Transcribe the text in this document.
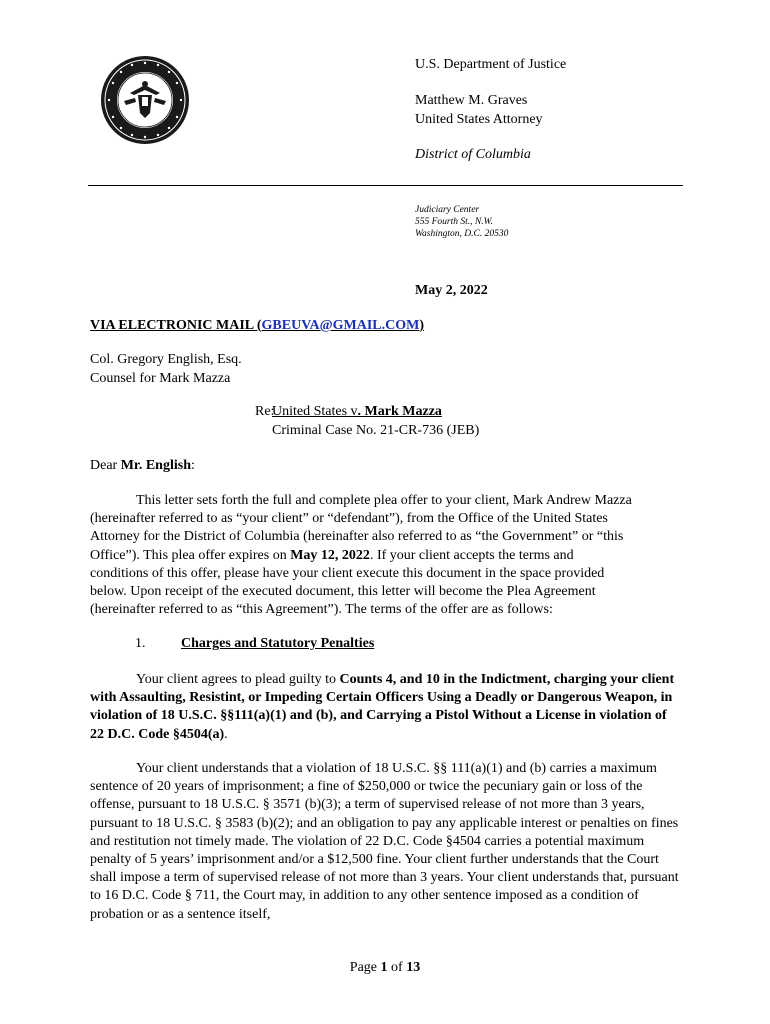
U.S. Department of Justice
Matthew M. Graves
United States Attorney
District of Columbia
Judiciary Center
555 Fourth St., N.W.
Washington, D.C. 20530
May 2, 2022
VIA ELECTRONIC MAIL (GBEUVA@GMAIL.COM)
Col. Gregory English, Esq.
Counsel for Mark Mazza
Re:
United States v. Mark Mazza
Criminal Case No. 21-CR-736 (JEB)
Dear Mr. English:
This letter sets forth the full and complete plea offer to your client, Mark Andrew Mazza
(hereinafter referred to as “your client” or “defendant”), from the Office of the United States
Attorney for the District of Columbia (hereinafter also referred to as “the Government” or “this
Office”). This plea offer expires on May 12, 2022. If your client accepts the terms and
conditions of this offer, please have your client execute this document in the space provided
below. Upon receipt of the executed document, this letter will become the Plea Agreement
(hereinafter referred to as “this Agreement”). The terms of the offer are as follows:
1.	Charges and Statutory Penalties
Your client agrees to plead guilty to Counts 4, and 10 in the Indictment, charging your client with Assaulting, Resistint, or Impeding Certain Officers Using a Deadly or Dangerous Weapon, in violation of 18 U.S.C. §§111(a)(1) and (b), and Carrying a Pistol Without a License in violation of 22 D.C. Code §4504(a).
Your client understands that a violation of 18 U.S.C. §§ 111(a)(1) and (b) carries a maximum sentence of 20 years of imprisonment; a fine of $250,000 or twice the pecuniary gain or loss of the offense, pursuant to 18 U.S.C. § 3571 (b)(3); a term of supervised release of not more than 3 years, pursuant to 18 U.S.C. § 3583 (b)(2); and an obligation to pay any applicable interest or penalties on fines and restitution not timely made. The violation of 22 D.C. Code §4504 carries a potential maximum penalty of 5 years’ imprisonment and/or a $12,500 fine. Your client further understands that the Court shall impose a term of supervised release of not more than 3 years. Your client understands that, pursuant to 16 D.C. Code § 711, the Court may, in addition to any other sentence imposed as a condition of probation or as a sentence itself,
Page 1 of 13
